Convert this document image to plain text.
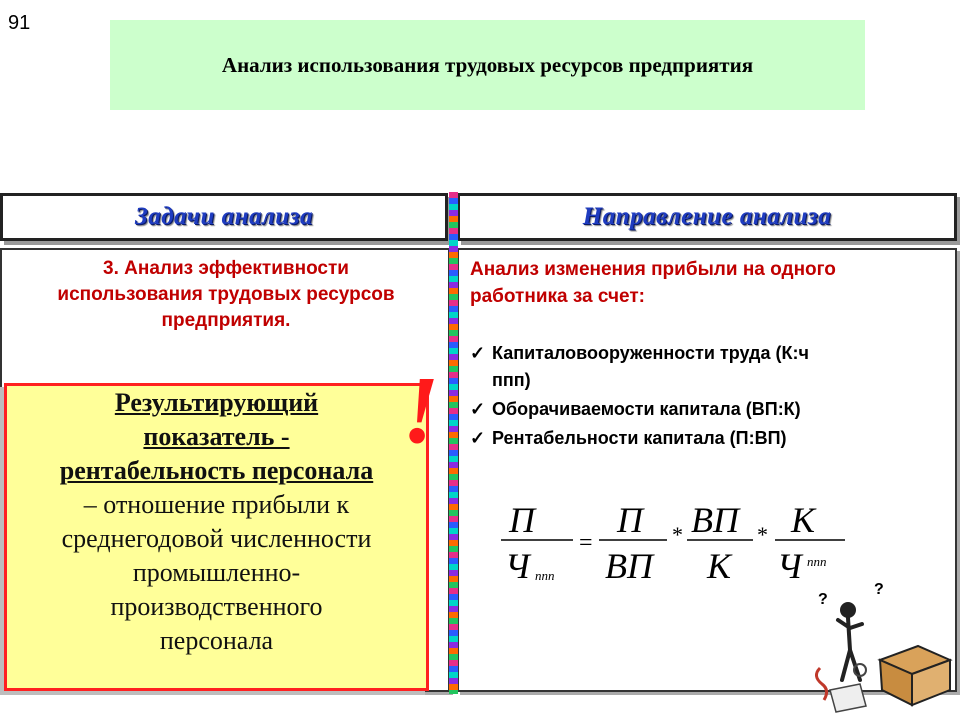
91
Анализ использования трудовых ресурсов предприятия
Задачи анализа	Направление анализа
3. Анализ эффективности
использования трудовых ресурсов
предприятия.
Результирующий
показатель -
рентабельность персонала
– отношение прибыли к
среднегодовой численности
промышленно-
производственного
персонала
!
Анализ изменения прибыли на одного
работника за счет:
✓ Капиталовооруженности труда (К:ч
ппп)
✓ Оборачиваемости капитала (ВП:К)
✓ Рентабельности капитала (П:ВП)
П
Ч ппп
=
П
ВП
* ВП
К
* К
Ч ппп
?
?
